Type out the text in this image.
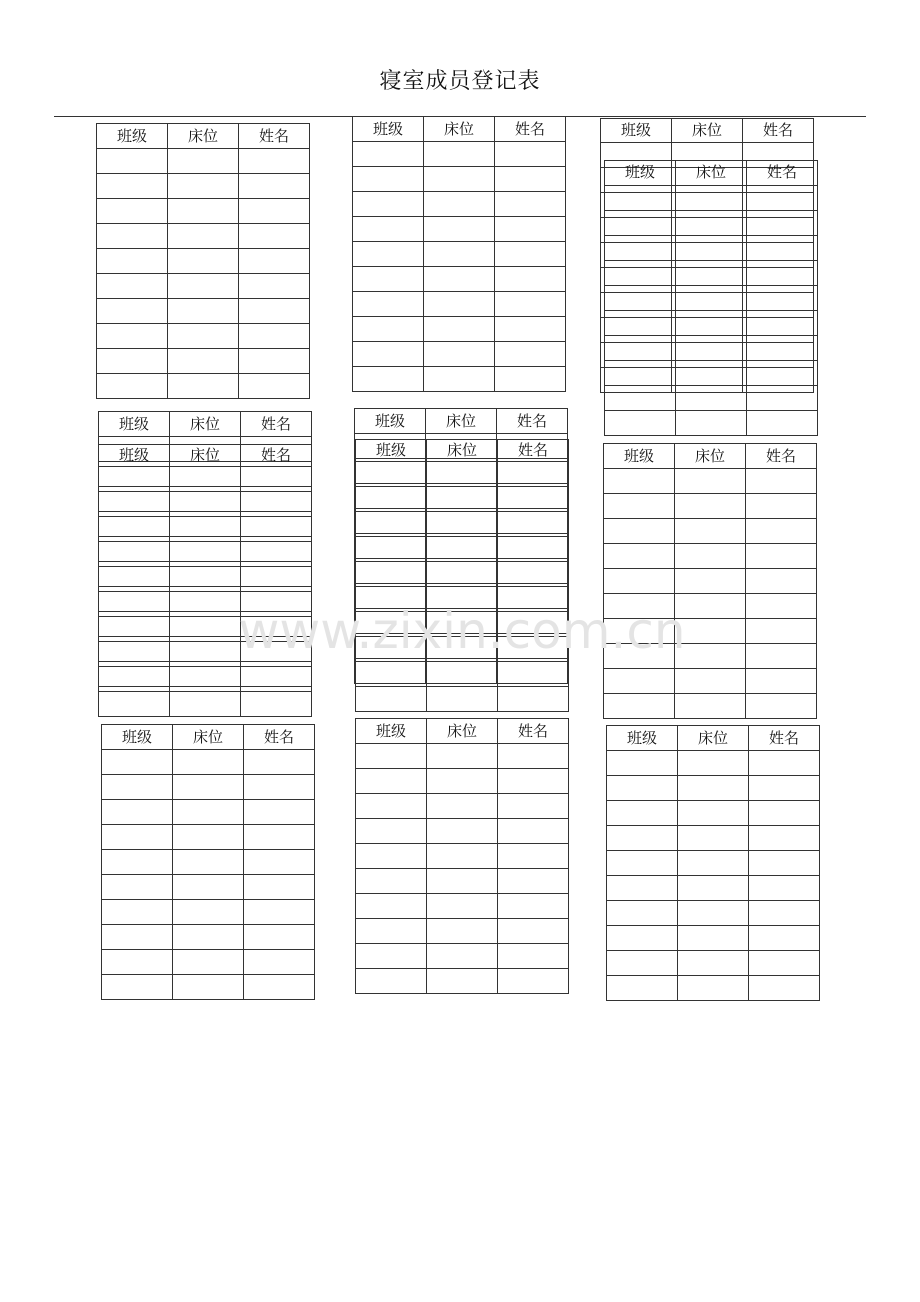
寝室成员登记表
班级	床位	姓名

			班级	床位	姓名

			班级	床位	姓名

班级	床位	姓名

班级	床位	姓名

班级	床位	姓名

班级	床位	姓名

班级	床位	姓名

			班级	床位	姓名

班级	床位	姓名

			班级	床位	姓名

			班级	床位	姓名

www.zixin.com.cn
